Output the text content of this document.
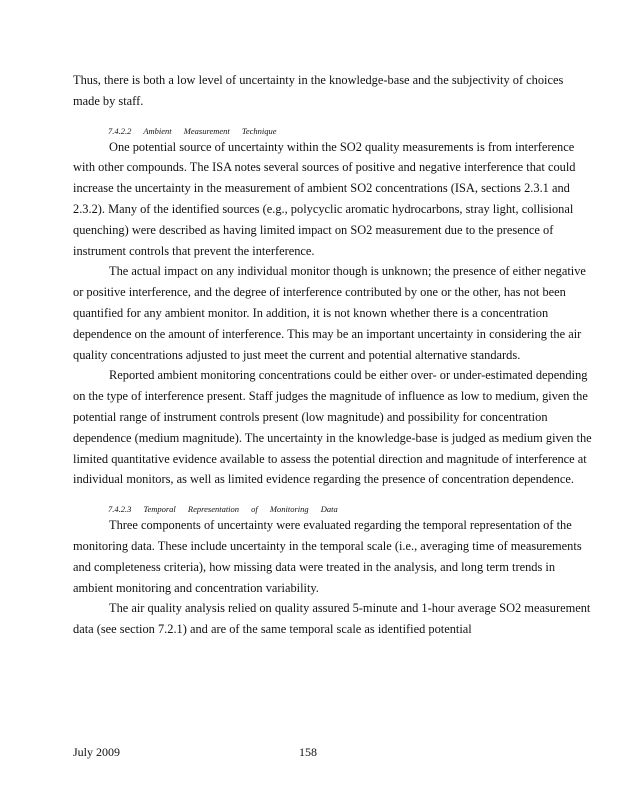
Thus, there is both a low level of uncertainty in the knowledge-base and the subjectivity of choices made by staff.

7.4.2.2 Ambient Measurement Technique

One potential source of uncertainty within the SO2 quality measurements is from interference with other compounds. The ISA notes several sources of positive and negative interference that could increase the uncertainty in the measurement of ambient SO2 concentrations (ISA, sections 2.3.1 and 2.3.2). Many of the identified sources (e.g., polycyclic aromatic hydrocarbons, stray light, collisional quenching) were described as having limited impact on SO2 measurement due to the presence of instrument controls that prevent the interference.

The actual impact on any individual monitor though is unknown; the presence of either negative or positive interference, and the degree of interference contributed by one or the other, has not been quantified for any ambient monitor. In addition, it is not known whether there is a concentration dependence on the amount of interference. This may be an important uncertainty in considering the air quality concentrations adjusted to just meet the current and potential alternative standards.

Reported ambient monitoring concentrations could be either over- or under-estimated depending on the type of interference present. Staff judges the magnitude of influence as low to medium, given the potential range of instrument controls present (low magnitude) and possibility for concentration dependence (medium magnitude). The uncertainty in the knowledge-base is judged as medium given the limited quantitative evidence available to assess the potential direction and magnitude of interference at individual monitors, as well as limited evidence regarding the presence of concentration dependence.

7.4.2.3 Temporal Representation of Monitoring Data

Three components of uncertainty were evaluated regarding the temporal representation of the monitoring data. These include uncertainty in the temporal scale (i.e., averaging time of measurements and completeness criteria), how missing data were treated in the analysis, and long term trends in ambient monitoring and concentration variability.

The air quality analysis relied on quality assured 5-minute and 1-hour average SO2 measurement data (see section 7.2.1) and are of the same temporal scale as identified potential

July 2009	158
